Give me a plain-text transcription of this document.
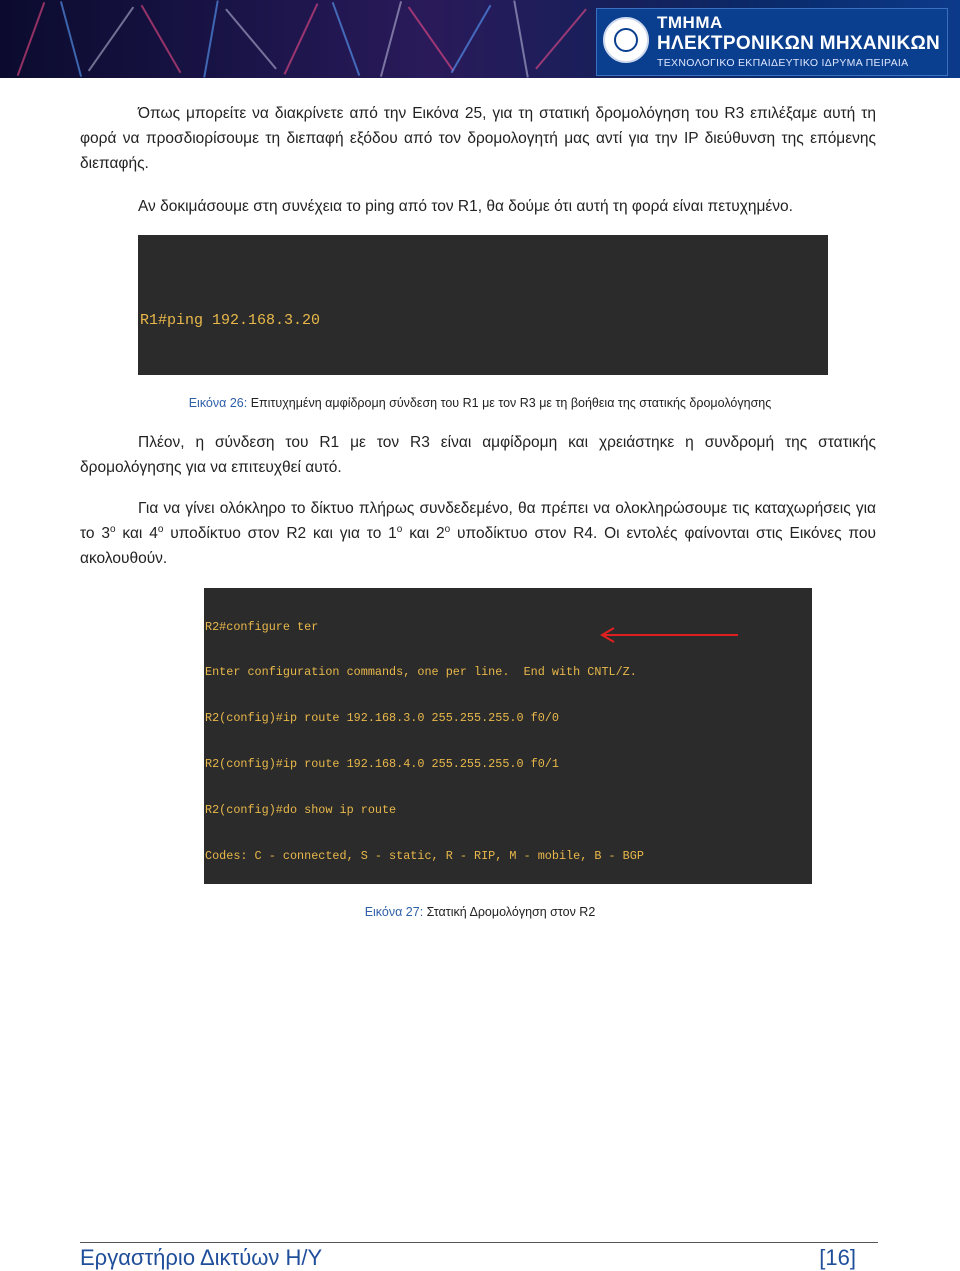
ΤΜΗΜΑ
ΗΛΕΚΤΡΟΝΙΚΩΝ ΜΗΧΑΝΙΚΩΝ
ΤΕΧΝΟΛΟΓΙΚΟ ΕΚΠΑΙΔΕΥΤΙΚΟ ΙΔΡΥΜΑ ΠΕΙΡΑΙΑ
Όπως μπορείτε να διακρίνετε από την Εικόνα 25, για τη στατική δρομολόγηση του R3 επιλέξαμε αυτή τη φορά να προσδιορίσουμε τη διεπαφή εξόδου από τον δρομολογητή μας αντί για την IP διεύθυνση της επόμενης διεπαφής.
Αν δοκιμάσουμε στη συνέχεια το ping από τον R1, θα δούμε ότι αυτή τη φορά είναι πετυχημένο.

R1#ping 192.168.3.20

Εικόνα 26: Επιτυχημένη αμφίδρομη σύνδεση του R1 με τον R3 με τη βοήθεια της στατικής δρομολόγησης
Πλέον, η σύνδεση του R1 με τον R3 είναι αμφίδρομη και χρειάστηκε η συνδρομή της στατικής δρομολόγησης για να επιτευχθεί αυτό.
Για να γίνει ολόκληρο το δίκτυο πλήρως συνδεδεμένο, θα πρέπει να ολοκληρώσουμε τις καταχωρήσεις για το $3^o$ και $4^o$ υποδίκτυο στον R2 και για το $1^o$ και $2^o$ υποδίκτυο στον R4. Οι εντολές φαίνονται στις Εικόνες που ακολουθούν.

R2#configure ter

Enter configuration commands, one per line.  End with CNTL/Z.

R2(config)#ip route 192.168.3.0 255.255.255.0 f0/0

R2(config)#ip route 192.168.4.0 255.255.255.0 f0/1

R2(config)#do show ip route

Codes: C - connected, S - static, R - RIP, M - mobile, B - BGP

Εικόνα 27: Στατική Δρομολόγηση στον R2
Εργαστήριο Δικτύων Η/Υ	[16]
